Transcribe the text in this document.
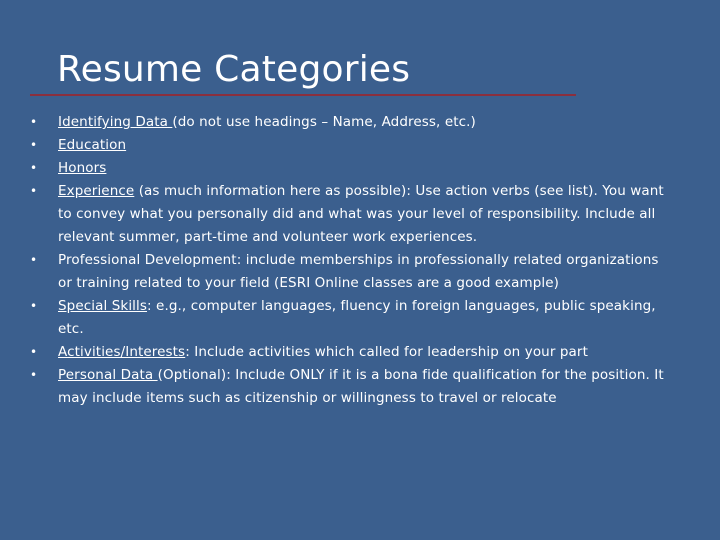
Resume Categories
• Identifying Data (do not use headings – Name, Address, etc.)
• Education
• Honors
• Experience (as much information here as possible): Use action verbs (see list). You want to convey what you personally did and what was your level of responsibility. Include all relevant summer, part-time and volunteer work experiences.
• Professional Development: include memberships in professionally related organizations or training related to your field (ESRI Online classes are a good example)
• Special Skills: e.g., computer languages, fluency in foreign languages, public speaking, etc.
• Activities/Interests: Include activities which called for leadership on your part
• Personal Data (Optional): Include ONLY if it is a bona fide qualification for the position. It may include items such as citizenship or willingness to travel or relocate
